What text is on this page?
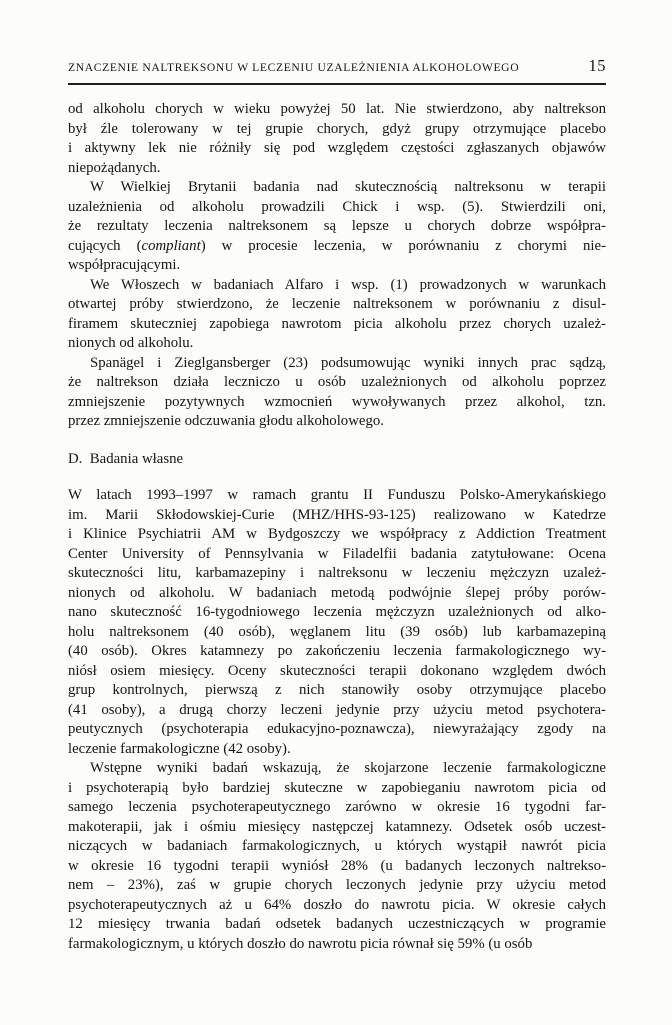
ZNACZENIE NALTREKSONU W LECZENIU UZALEŻNIENIA ALKOHOLOWEGO	15
od alkoholu chorych w wieku powyżej 50 lat. Nie stwierdzono, aby naltrekson
był źle tolerowany w tej grupie chorych, gdyż grupy otrzymujące placebo
i aktywny lek nie różniły się pod względem częstości zgłaszanych objawów
niepożądanych.
W Wielkiej Brytanii badania nad skutecznością naltreksonu w terapii
uzależnienia od alkoholu prowadzili Chick i wsp. (5). Stwierdzili oni,
że rezultaty leczenia naltreksonem są lepsze u chorych dobrze współpra-
cujących (compliant) w procesie leczenia, w porównaniu z chorymi nie-
współpracującymi.
We Włoszech w badaniach Alfaro i wsp. (1) prowadzonych w warunkach
otwartej próby stwierdzono, że leczenie naltreksonem w porównaniu z disul-
firamem skuteczniej zapobiega nawrotom picia alkoholu przez chorych uzależ-
nionych od alkoholu.
Spanägel i Zieglgansberger (23) podsumowując wyniki innych prac sądzą,
że naltrekson działa leczniczo u osób uzależnionych od alkoholu poprzez
zmniejszenie pozytywnych wzmocnień wywoływanych przez alkohol, tzn.
przez zmniejszenie odczuwania głodu alkoholowego.
D. Badania własne
W latach 1993–1997 w ramach grantu II Funduszu Polsko-Amerykańskiego
im. Marii Skłodowskiej-Curie (MHZ/HHS-93-125) realizowano w Katedrze
i Klinice Psychiatrii AM w Bydgoszczy we współpracy z Addiction Treatment
Center University of Pennsylvania w Filadelfii badania zatytułowane: Ocena
skuteczności litu, karbamazepiny i naltreksonu w leczeniu mężczyzn uzależ-
nionych od alkoholu. W badaniach metodą podwójnie ślepej próby porów-
nano skuteczność 16-tygodniowego leczenia mężczyzn uzależnionych od alko-
holu naltreksonem (40 osób), węglanem litu (39 osób) lub karbamazepiną
(40 osób). Okres katamnezy po zakończeniu leczenia farmakologicznego wy-
niósł osiem miesięcy. Oceny skuteczności terapii dokonano względem dwóch
grup kontrolnych, pierwszą z nich stanowiły osoby otrzymujące placebo
(41 osoby), a drugą chorzy leczeni jedynie przy użyciu metod psychotera-
peutycznych (psychoterapia edukacyjno-poznawcza), niewyrażający zgody na
leczenie farmakologiczne (42 osoby).
Wstępne wyniki badań wskazują, że skojarzone leczenie farmakologiczne
i psychoterapią było bardziej skuteczne w zapobieganiu nawrotom picia od
samego leczenia psychoterapeutycznego zarówno w okresie 16 tygodni far-
makoterapii, jak i ośmiu miesięcy następczej katamnezy. Odsetek osób uczest-
niczących w badaniach farmakologicznych, u których wystąpił nawrót picia
w okresie 16 tygodni terapii wyniósł 28% (u badanych leczonych naltrekso-
nem – 23%), zaś w grupie chorych leczonych jedynie przy użyciu metod
psychoterapeutycznych aż u 64% doszło do nawrotu picia. W okresie całych
12 miesięcy trwania badań odsetek badanych uczestniczących w programie
farmakologicznym, u których doszło do nawrotu picia równał się 59% (u osób
